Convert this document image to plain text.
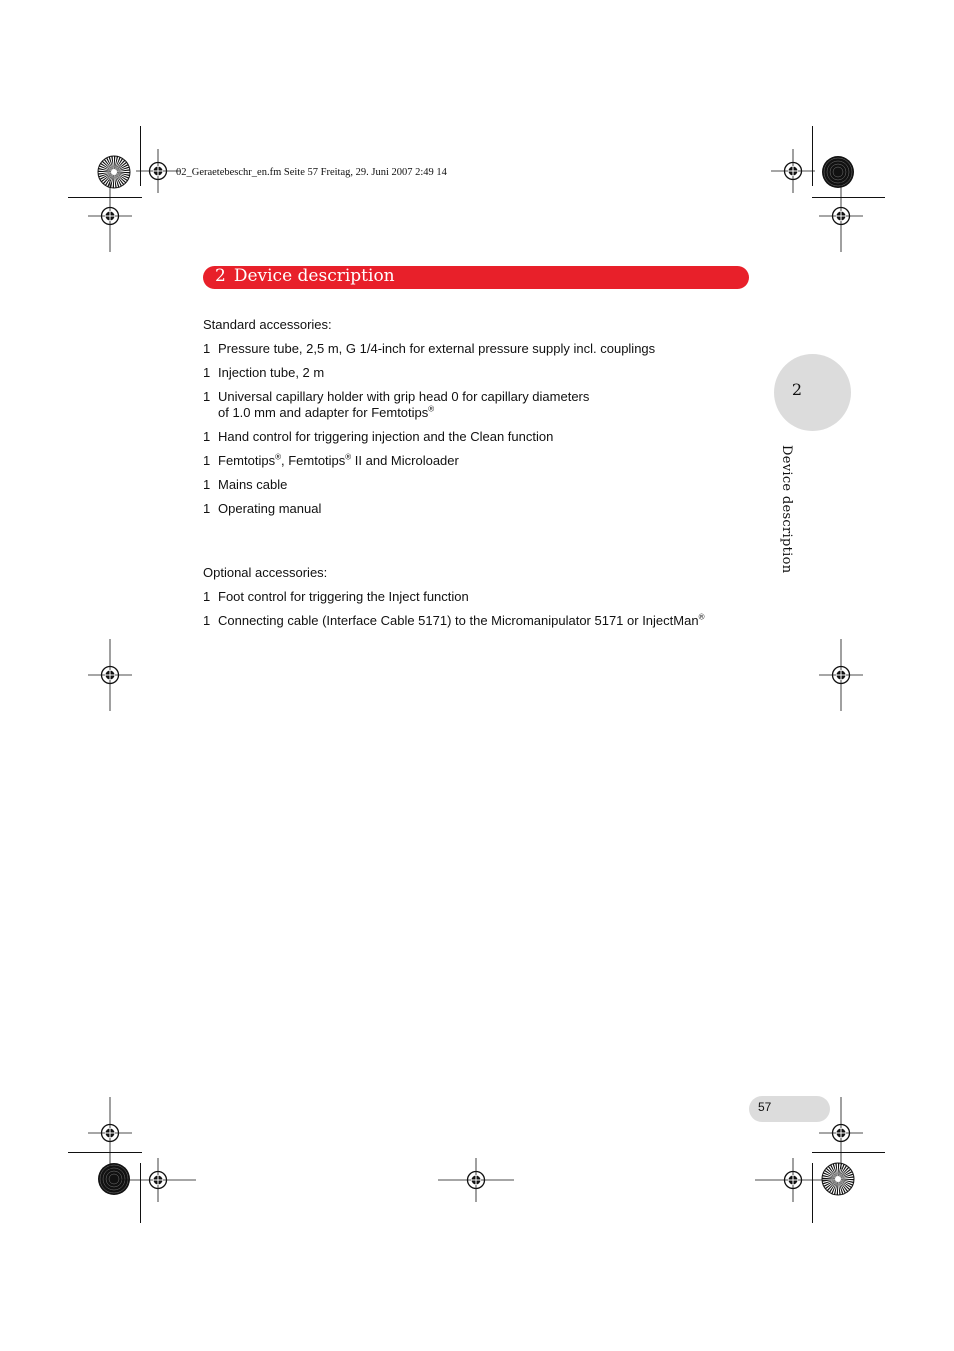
02_Geraetebeschr_en.fm Seite 57 Freitag, 29. Juni 2007 2:49 14
2 Device description
2
Device description
Standard accessories:
1 Pressure tube, 2,5 m, G 1/4-inch for external pressure supply incl. couplings
1 Injection tube, 2 m
1 Universal capillary holder with grip head 0 for capillary diameters
of 1.0 mm and adapter for Femtotips®
1 Hand control for triggering injection and the Clean function
1 Femtotips®, Femtotips® II and Microloader
1 Mains cable
1 Operating manual
Optional accessories:
1 Foot control for triggering the Inject function
1 Connecting cable (Interface Cable 5171) to the Micromanipulator 5171 or InjectMan®
57
